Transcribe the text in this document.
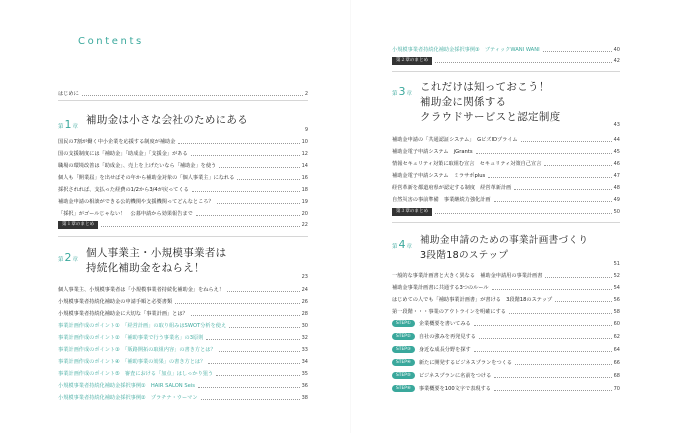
Contents
はじめに	2
第1章
補助金は小さな会社のためにある
9
国民の7割が働く中小企業を応援する制度が補助金	10
国の支援制度には「補助金」「助成金」「支援金」がある	12
職場の環境改善は「助成金」、売上を上げたいなら「補助金」を使う	14
個人も「開業届」を出せばその年から補助金対象の「個人事業主」になれる	16
採択されれば、支払った経費の1/2から3/4が戻ってくる	18
補助金申請の相談ができる公的機関や支援機関ってどんなところ？	19
「採択」がゴールじゃない！　公募申請から効果報告まで	20
第１章のまとめ	22
第2章
個人事業主・小規模事業者は
持続化補助金をねらえ！
23
個人事業主、小規模事業者は「小規模事業者持続化補助金」をねらえ！	24
小規模事業者持続化補助金の申請手順と必要書類	26
小規模事業者持続化補助金に大切な「事業計画」とは？	28
事業計画作成のポイント①　「経営計画」の取り組みはSWOT分析を使え	30
事業計画作成のポイント②　「補助事業で行う事業名」の3原則	32
事業計画作成のポイント③　「販路開拓の取組内容」の書き方とは？	33
事業計画作成のポイント④　「補助事業の効果」の書き方とは？	34
事業計画作成のポイント⑤　審査における「加点」はしっかり狙う	35
小規模事業者持続化補助金採択事例①　HAIR SALON Seis	36
小規模事業者持続化補助金採択事例②　プラチナ・ウーマン	38
小規模事業者持続化補助金採択事例③　ブティックWANI WANI	40
第２章のまとめ	42
第3章
これだけは知っておこう！
補助金に関係する
クラウドサービスと認定制度
43
補助金申請の「共通認証システム」　GビズIDプライム	44
補助金電子申請システム　jGrants	45
情報セキュリティ対策に取組む宣言　セキュリティ対策自己宣言	46
補助金電子申請システム　ミラサポplus	47
経営革新を都道府県が認定する制度　経営革新計画	48
自然災害の事前準備　事業継続力強化計画	49
第３章のまとめ	50
第4章
補助金申請のための事業計画書づくり
3段階18のステップ
51
一般的な事業計画書と大きく異なる　補助金申請用の事業計画書	52
補助金事業計画書に共通する3つのルール	54
はじめての人でも「補助事業計画書」が書ける　3段階18のステップ	56
第一段階・・・事業のアウトラインを明確にする	58
STEP①	企業概要を書いてみる	60
STEP②	自社の強みを再発見する	62
STEP③	身近な成長分野を探す	64
STEP④	新たに開発するビジネスプランをつくる	66
STEP⑤	ビジネスプランに名前をつける	68
STEP⑥	事業概要を100文字で表現する	70
